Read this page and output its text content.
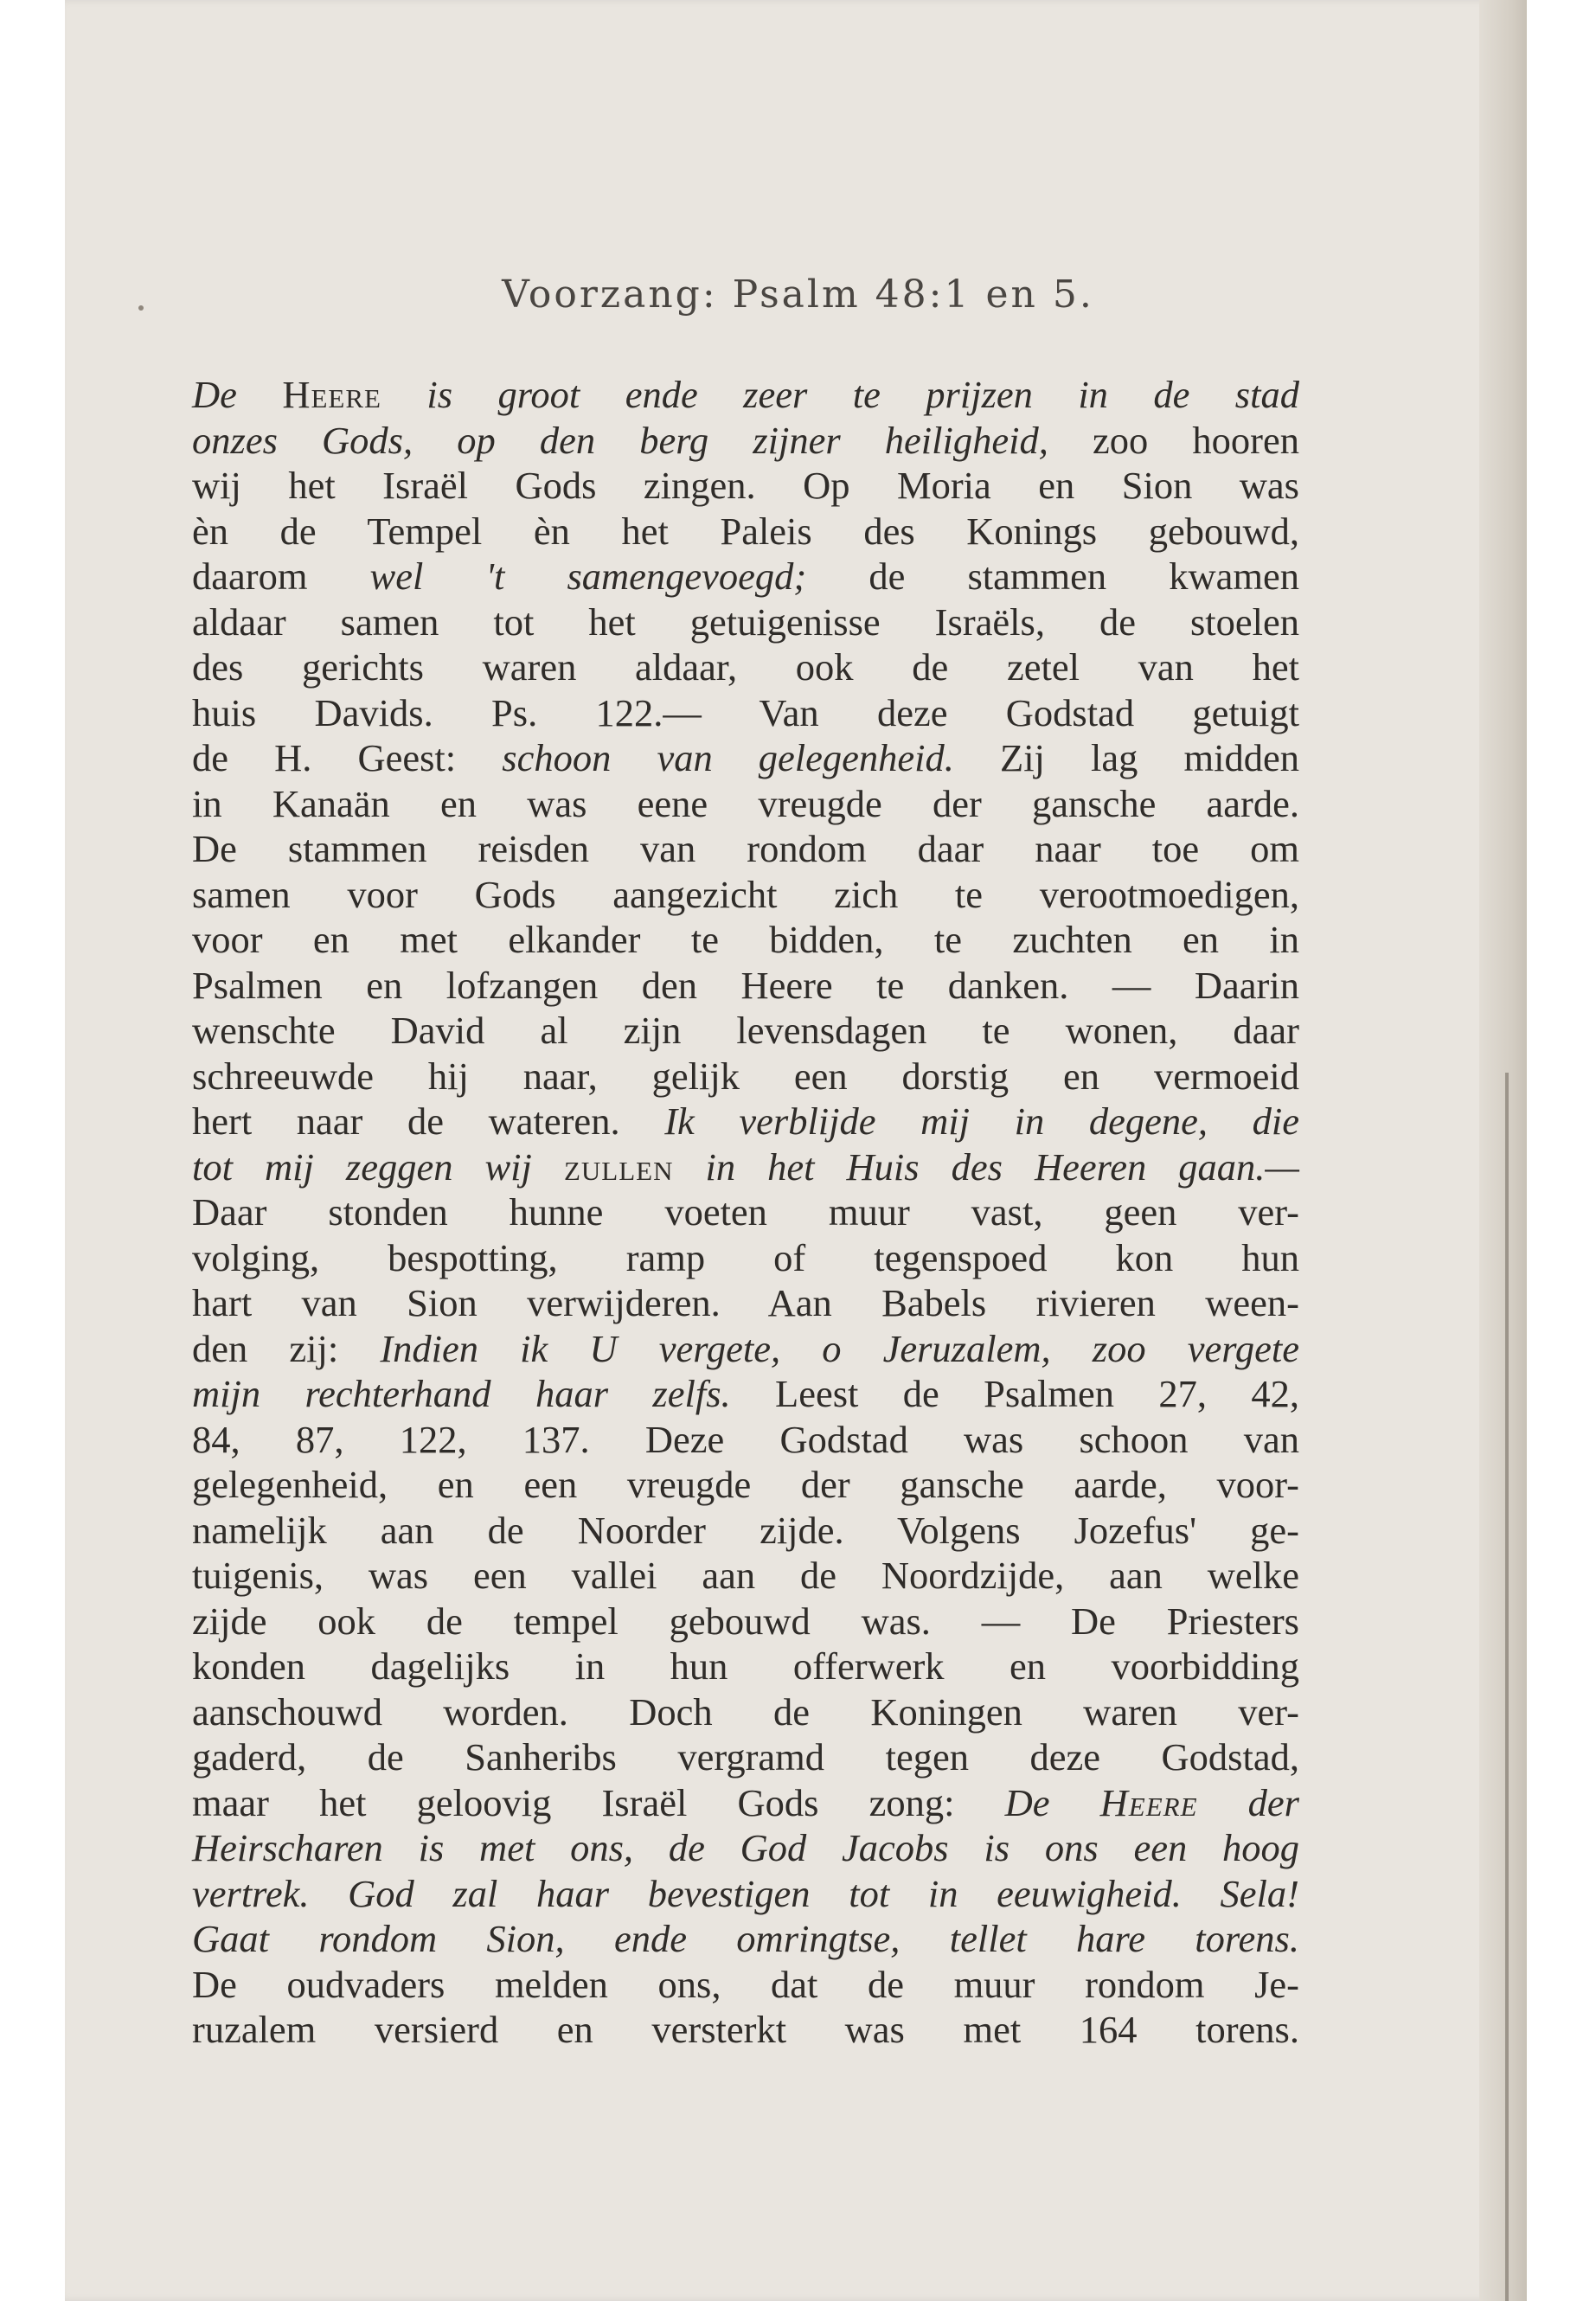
Voorzang: Psalm 48:1 en 5.
De Heere is groot ende zeer te prijzen in de stad
onzes Gods, op den berg zijner heiligheid, zoo hooren
wij het Israël Gods zingen. Op Moria en Sion was
èn de Tempel èn het Paleis des Konings gebouwd,
daarom wel 't samengevoegd; de stammen kwamen
aldaar samen tot het getuigenisse Israëls, de stoelen
des gerichts waren aldaar, ook de zetel van het
huis Davids. Ps. 122.— Van deze Godstad getuigt
de H. Geest: schoon van gelegenheid. Zij lag midden
in Kanaän en was eene vreugde der gansche aarde.
De stammen reisden van rondom daar naar toe om
samen voor Gods aangezicht zich te verootmoedigen,
voor en met elkander te bidden, te zuchten en in
Psalmen en lofzangen den Heere te danken. — Daarin
wenschte David al zijn levensdagen te wonen, daar
schreeuwde hij naar, gelijk een dorstig en vermoeid
hert naar de wateren. Ik verblijde mij in degene, die
tot mij zeggen wij zullen in het Huis des Heeren gaan.—
Daar stonden hunne voeten muur vast, geen ver-
volging, bespotting, ramp of tegenspoed kon hun
hart van Sion verwijderen. Aan Babels rivieren ween-
den zij: Indien ik U vergete, o Jeruzalem, zoo vergete
mijn rechterhand haar zelfs. Leest de Psalmen 27, 42,
84, 87, 122, 137. Deze Godstad was schoon van
gelegenheid, en een vreugde der gansche aarde, voor-
namelijk aan de Noorder zijde. Volgens Jozefus' ge-
tuigenis, was een vallei aan de Noordzijde, aan welke
zijde ook de tempel gebouwd was. — De Priesters
konden dagelijks in hun offerwerk en voorbidding
aanschouwd worden. Doch de Koningen waren ver-
gaderd, de Sanheribs vergramd tegen deze Godstad,
maar het geloovig Israël Gods zong: De Heere der
Heirscharen is met ons, de God Jacobs is ons een hoog
vertrek. God zal haar bevestigen tot in eeuwigheid. Sela!
Gaat rondom Sion, ende omringtse, tellet hare torens.
De oudvaders melden ons, dat de muur rondom Je-
ruzalem versierd en versterkt was met 164 torens.
